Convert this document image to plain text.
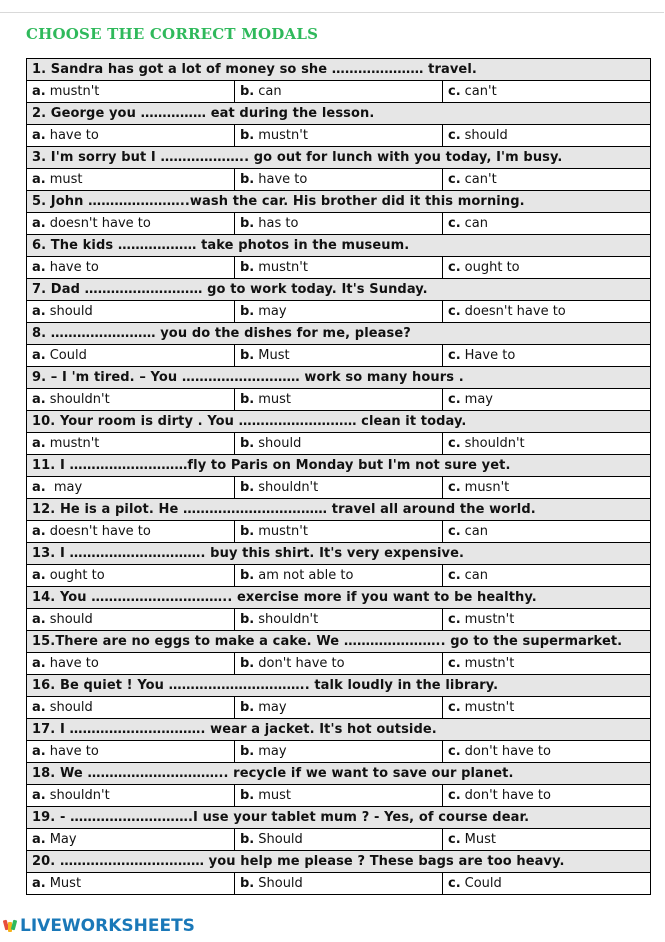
CHOOSE THE CORRECT MODALS
1. Sandra has got a lot of money so she ………………… travel.		
a. mustn't	b. can	c. can't
2. George you …………… eat during the lesson.		
a. have to	b. mustn't	c. should
3. I'm sorry but I ……………….. go out for lunch with you today, I'm busy.		
a. must	b. have to	c. can't
5. John …………………..wash the car. His brother did it this morning.		
a. doesn't have to	b. has to	c. can
6. The kids ……………… take photos in the museum.		
a. have to	b. mustn't	c. ought to
7. Dad ……………………… go to work today. It's Sunday.		
a. should	b. may	c. doesn't have to
8. …………………… you do the dishes for me, please?		
a. Could	b. Must	c. Have to
9. – I 'm tired. – You ……………………… work so many hours .		
a. shouldn't	b. must	c. may
10. Your room is dirty . You ……………………… clean it today.		
a. mustn't	b. should	c. shouldn't
11. I ………………………fly to Paris on Monday but I'm not sure yet.		
a. may	b. shouldn't	c. musn't
12. He is a pilot. He …………………………… travel all around the world.		
a. doesn't have to	b. mustn't	c. can
13. I …………………………. buy this shirt. It's very expensive.		
a. ought to	b. am not able to	c. can
14. You ………………………….. exercise more if you want to be healthy.		
a. should	b. shouldn't	c. mustn't
15.There are no eggs to make a cake. We ………………….. go to the supermarket.		
a. have to	b. don't have to	c. mustn't
16. Be quiet ! You ………………………….. talk loudly in the library.		
a. should	b. may	c. mustn't
17. I …………………………. wear a jacket. It's hot outside.		
a. have to	b. may	c. don't have to
18. We ………………………….. recycle if we want to save our planet.		
a. shouldn't	b. must	c. don't have to
19. - ……………………….I use your tablet mum ? - Yes, of course dear.		
a. May	b. Should	c. Must
20. …………………………… you help me please ? These bags are too heavy.		
a. Must	b. Should	c. Could
LIVEWORKSHEETS
